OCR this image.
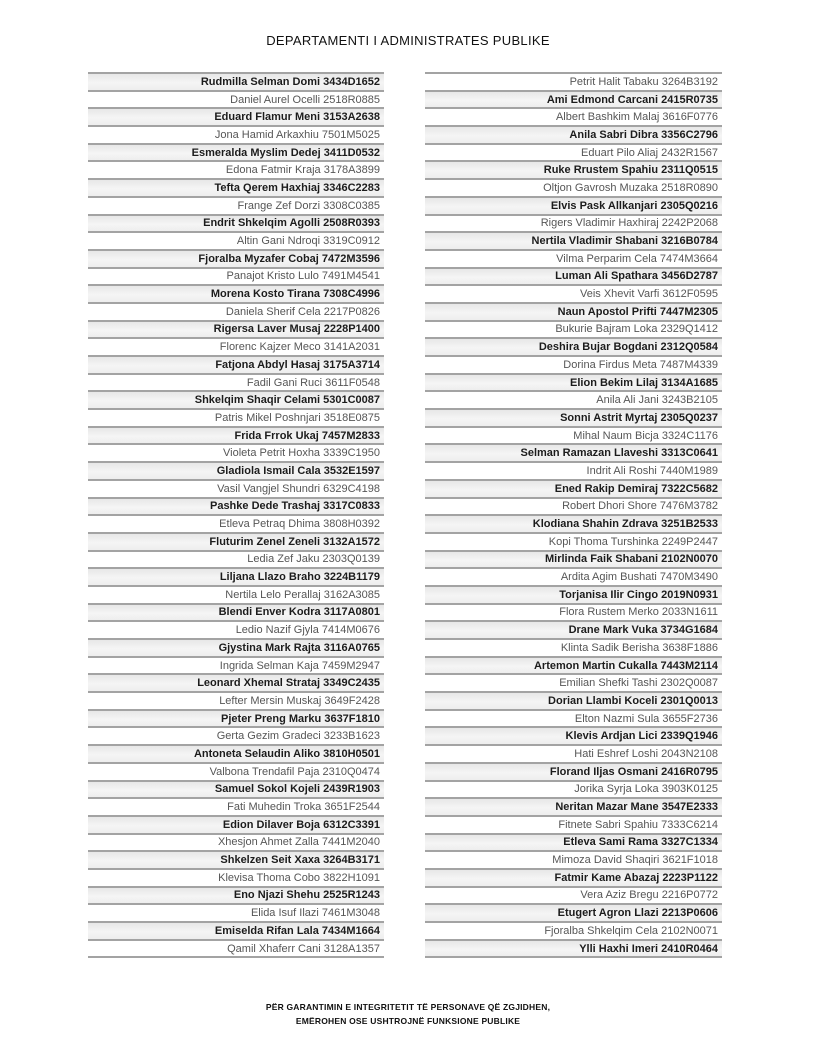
DEPARTAMENTI I ADMINISTRATES PUBLIKE
Rudmilla Selman Domi 3434D1652
Daniel Aurel Ocelli 2518R0885
Eduard Flamur Meni 3153A2638
Jona Hamid Arkaxhiu 7501M5025
Esmeralda Myslim Dedej 3411D0532
Edona Fatmir Kraja 3178A3899
Tefta Qerem Haxhiaj 3346C2283
Frange Zef Dorzi 3308C0385
Endrit Shkelqim Agolli 2508R0393
Altin Gani Ndroqi 3319C0912
Fjoralba Myzafer Cobaj 7472M3596
Panajot Kristo Lulo 7491M4541
Morena Kosto Tirana 7308C4996
Daniela Sherif Cela 2217P0826
Rigersa Laver Musaj 2228P1400
Florenc Kajzer Meco 3141A2031
Fatjona Abdyl Hasaj 3175A3714
Fadil Gani Ruci 3611F0548
Shkelqim Shaqir Celami 5301C0087
Patris Mikel Poshnjari 3518E0875
Frida Frrok Ukaj 7457M2833
Violeta Petrit Hoxha 3339C1950
Gladiola Ismail Cala 3532E1597
Vasil Vangjel Shundri 6329C4198
Pashke Dede Trashaj 3317C0833
Etleva Petraq Dhima 3808H0392
Fluturim Zenel Zeneli 3132A1572
Ledia Zef Jaku 2303Q0139
Liljana Llazo Braho 3224B1179
Nertila Lelo Perallaj 3162A3085
Blendi Enver Kodra 3117A0801
Ledio Nazif Gjyla 7414M0676
Gjystina Mark Rajta 3116A0765
Ingrida Selman Kaja 7459M2947
Leonard Xhemal Strataj 3349C2435
Lefter Mersin Muskaj 3649F2428
Pjeter Preng Marku 3637F1810
Gerta Gezim Gradeci 3233B1623
Antoneta Selaudin Aliko 3810H0501
Valbona Trendafil Paja 2310Q0474
Samuel Sokol Kojeli 2439R1903
Fati Muhedin Troka 3651F2544
Edion Dilaver Boja 6312C3391
Xhesjon Ahmet Zalla 7441M2040
Shkelzen Seit Xaxa 3264B3171
Klevisa Thoma Cobo 3822H1091
Eno Njazi Shehu 2525R1243
Elida Isuf Ilazi 7461M3048
Emiselda Rifan Lala 7434M1664
Qamil Xhaferr Cani 3128A1357
Petrit Halit Tabaku 3264B3192
Ami Edmond Carcani 2415R0735
Albert Bashkim Malaj 3616F0776
Anila Sabri Dibra 3356C2796
Eduart Pilo Aliaj 2432R1567
Ruke Rrustem Spahiu 2311Q0515
Oltjon Gavrosh Muzaka 2518R0890
Elvis Pask Allkanjari 2305Q0216
Rigers Vladimir Haxhiraj 2242P2068
Nertila Vladimir Shabani 3216B0784
Vilma Perparim Cela 7474M3664
Luman Ali Spathara 3456D2787
Veis Xhevit Varfi 3612F0595
Naun Apostol Prifti 7447M2305
Bukurie Bajram Loka 2329Q1412
Deshira Bujar Bogdani 2312Q0584
Dorina Firdus Meta 7487M4339
Elion Bekim Lilaj 3134A1685
Anila Ali Jani 3243B2105
Sonni Astrit Myrtaj 2305Q0237
Mihal Naum Bicja 3324C1176
Selman Ramazan Llaveshi 3313C0641
Indrit Ali Roshi 7440M1989
Ened Rakip Demiraj 7322C5682
Robert Dhori Shore 7476M3782
Klodiana Shahin Zdrava 3251B2533
Kopi Thoma Turshinka 2249P2447
Mirlinda Faik Shabani 2102N0070
Ardita Agim Bushati 7470M3490
Torjanisa Ilir Cingo 2019N0931
Flora Rustem Merko 2033N1611
Drane Mark Vuka 3734G1684
Klinta Sadik Berisha 3638F1886
Artemon Martin Cukalla 7443M2114
Emilian Shefki Tashi 2302Q0087
Dorian Llambi Koceli 2301Q0013
Elton Nazmi Sula 3655F2736
Klevis Ardjan Lici 2339Q1946
Hati Eshref Loshi 2043N2108
Florand Iljas Osmani 2416R0795
Jorika Syrja Loka 3903K0125
Neritan Mazar Mane 3547E2333
Fitnete Sabri Spahiu 7333C6214
Etleva Sami Rama 3327C1334
Mimoza David Shaqiri 3621F1018
Fatmir Kame Abazaj 2223P1122
Vera Aziz Bregu 2216P0772
Etugert Agron Llazi 2213P0606
Fjoralba Shkelqim Cela 2102N0071
Ylli Haxhi Imeri 2410R0464
PËR GARANTIMIN E INTEGRITETIT TË PERSONAVE QË ZGJIDHEN,
EMËROHEN OSE USHTROJNË FUNKSIONE PUBLIKE
